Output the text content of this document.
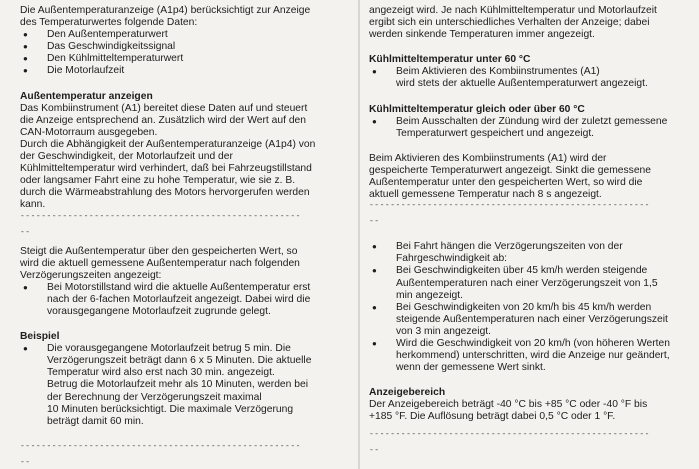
Die Außentemperaturanzeige (A1p4) berücksichtigt zur Anzeige
des Temperaturwertes folgende Daten:

● Den Außentemperaturwert
● Das Geschwindigkeitssignal
● Den Kühlmitteltemperaturwert
● Die Motorlaufzeit

Außentemperatur anzeigen

Das Kombiinstrument (A1) bereitet diese Daten auf und steuert
die Anzeige entsprechend an. Zusätzlich wird der Wert auf den
CAN-Motorraum ausgegeben.
Durch die Abhängigkeit der Außentemperaturanzeige (A1p4) von
der Geschwindigkeit, der Motorlaufzeit und der
Kühlmitteltemperatur wird verhindert, daß bei Fahrzeugstillstand
oder langsamer Fahrt eine zu hohe Temperatur, wie sie z. B.
durch die Wärmeabstrahlung des Motors hervorgerufen werden
kann.

-----------------------------------------------------
--

Steigt die Außentemperatur über den gespeicherten Wert, so
wird die aktuell gemessene Außentemperatur nach folgenden
Verzögerungszeiten angezeigt:

● Bei Motorstillstand wird die aktuelle Außentemperatur erst
nach der 6-fachen Motorlaufzeit angezeigt. Dabei wird die
vorausgegangene Motorlaufzeit zugrunde gelegt.

Beispiel

● Die vorausgegangene Motorlaufzeit betrug 5 min. Die
Verzögerungszeit beträgt dann 6 x 5 Minuten. Die aktuelle
Temperatur wird also erst nach 30 min. angezeigt.
Betrug die Motorlaufzeit mehr als 10 Minuten, werden bei
der Berechnung der Verzögerungszeit maximal
10 Minuten berücksichtigt. Die maximale Verzögerung
beträgt damit 60 min.
-----------------------------------------------------
--

angezeigt wird. Je nach Kühlmitteltemperatur und Motorlaufzeit
ergibt sich ein unterschiedliches Verhalten der Anzeige; dabei
werden sinkende Temperaturen immer angezeigt.

Kühlmitteltemperatur unter 60 °C

● Beim Aktivieren des Kombiinstrumentes (A1)
wird stets der aktuelle Außentemperaturwert angezeigt.

Kühlmitteltemperatur gleich oder über 60 °C

● Beim Ausschalten der Zündung wird der zuletzt gemessene
Temperaturwert gespeichert und angezeigt.

Beim Aktivieren des Kombiinstruments (A1) wird der
gespeicherte Temperaturwert angezeigt. Sinkt die gemessene
Außentemperatur unter den gespeicherten Wert, so wird die
aktuell gemessene Temperatur nach 8 s angezeigt.

-----------------------------------------------------
--
● Bei Fahrt hängen die Verzögerungszeiten von der
Fahrgeschwindigkeit ab:
● Bei Geschwindigkeiten über 45 km/h werden steigende
Außentemperaturen nach einer Verzögerungszeit von 1,5
min angezeigt.
● Bei Geschwindigkeiten von 20 km/h bis 45 km/h werden
steigende Außentemperaturen nach einer Verzögerungszeit
von 3 min angezeigt.
● Wird die Geschwindigkeit von 20 km/h (von höheren Werten
herkommend) unterschritten, wird die Anzeige nur geändert,
wenn der gemessene Wert sinkt.

Anzeigebereich

Der Anzeigebereich beträgt -40 °C bis +85 °C oder -40 °F bis
+185 °F. Die Auflösung beträgt dabei 0,5 °C oder 1 °F.

-----------------------------------------------------
--
